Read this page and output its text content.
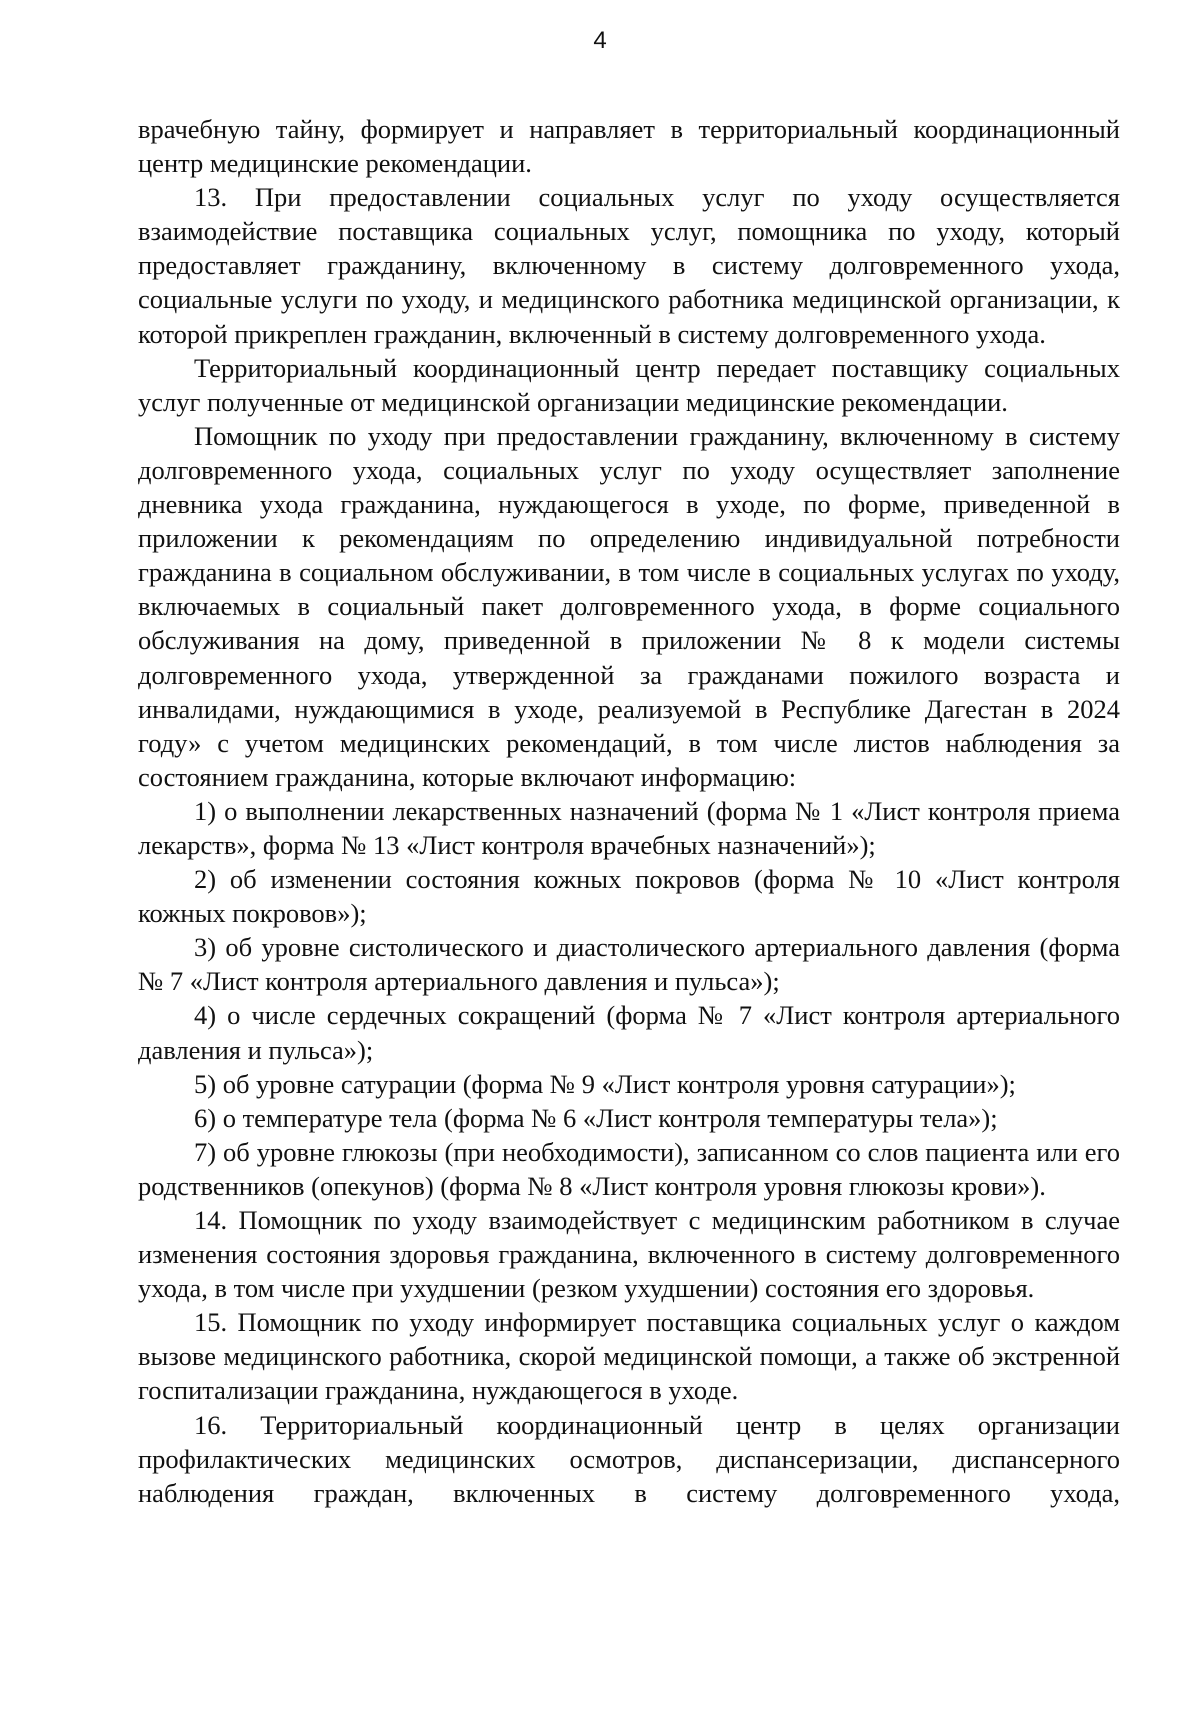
4

врачебную тайну, формирует и направляет в территориальный координационный центр медицинские рекомендации.

13. При предоставлении социальных услуг по уходу осуществляется взаимодействие поставщика социальных услуг, помощника по уходу, который предоставляет гражданину, включенному в систему долговременного ухода, социальные услуги по уходу, и медицинского работника медицинской организации, к которой прикреплен гражданин, включенный в систему долговременного ухода.

Территориальный координационный центр передает поставщику социальных услуг полученные от медицинской организации медицинские рекомендации.

Помощник по уходу при предоставлении гражданину, включенному в систему долговременного ухода, социальных услуг по уходу осуществляет заполнение дневника ухода гражданина, нуждающегося в уходе, по форме, приведенной в приложении к рекомендациям по определению индивидуальной потребности гражданина в социальном обслуживании, в том числе в социальных услугах по уходу, включаемых в социальный пакет долговременного ухода, в форме социального обслуживания на дому, приведенной в приложении № 8 к модели системы долговременного ухода, утвержденной за гражданами пожилого возраста и инвалидами, нуждающимися в уходе, реализуемой в Республике Дагестан в 2024 году» с учетом медицинских рекомендаций, в том числе листов наблюдения за состоянием гражданина, которые включают информацию:

1) о выполнении лекарственных назначений (форма № 1 «Лист контроля приема лекарств», форма № 13 «Лист контроля врачебных назначений»);

2) об изменении состояния кожных покровов (форма № 10 «Лист контроля кожных покровов»);

3) об уровне систолического и диастолического артериального давления (форма № 7 «Лист контроля артериального давления и пульса»);

4) о числе сердечных сокращений (форма № 7 «Лист контроля артериального давления и пульса»);

5) об уровне сатурации (форма № 9 «Лист контроля уровня сатурации»);

6) о температуре тела (форма № 6 «Лист контроля температуры тела»);

7) об уровне глюкозы (при необходимости), записанном со слов пациента или его родственников (опекунов) (форма № 8 «Лист контроля уровня глюкозы крови»).

14. Помощник по уходу взаимодействует с медицинским работником в случае изменения состояния здоровья гражданина, включенного в систему долговременного ухода, в том числе при ухудшении (резком ухудшении) состояния его здоровья.

15. Помощник по уходу информирует поставщика социальных услуг о каждом вызове медицинского работника, скорой медицинской помощи, а также об экстренной госпитализации гражданина, нуждающегося в уходе.

16. Территориальный координационный центр в целях организации профилактических медицинских осмотров, диспансеризации, диспансерного наблюдения граждан, включенных в систему долговременного ухода,
